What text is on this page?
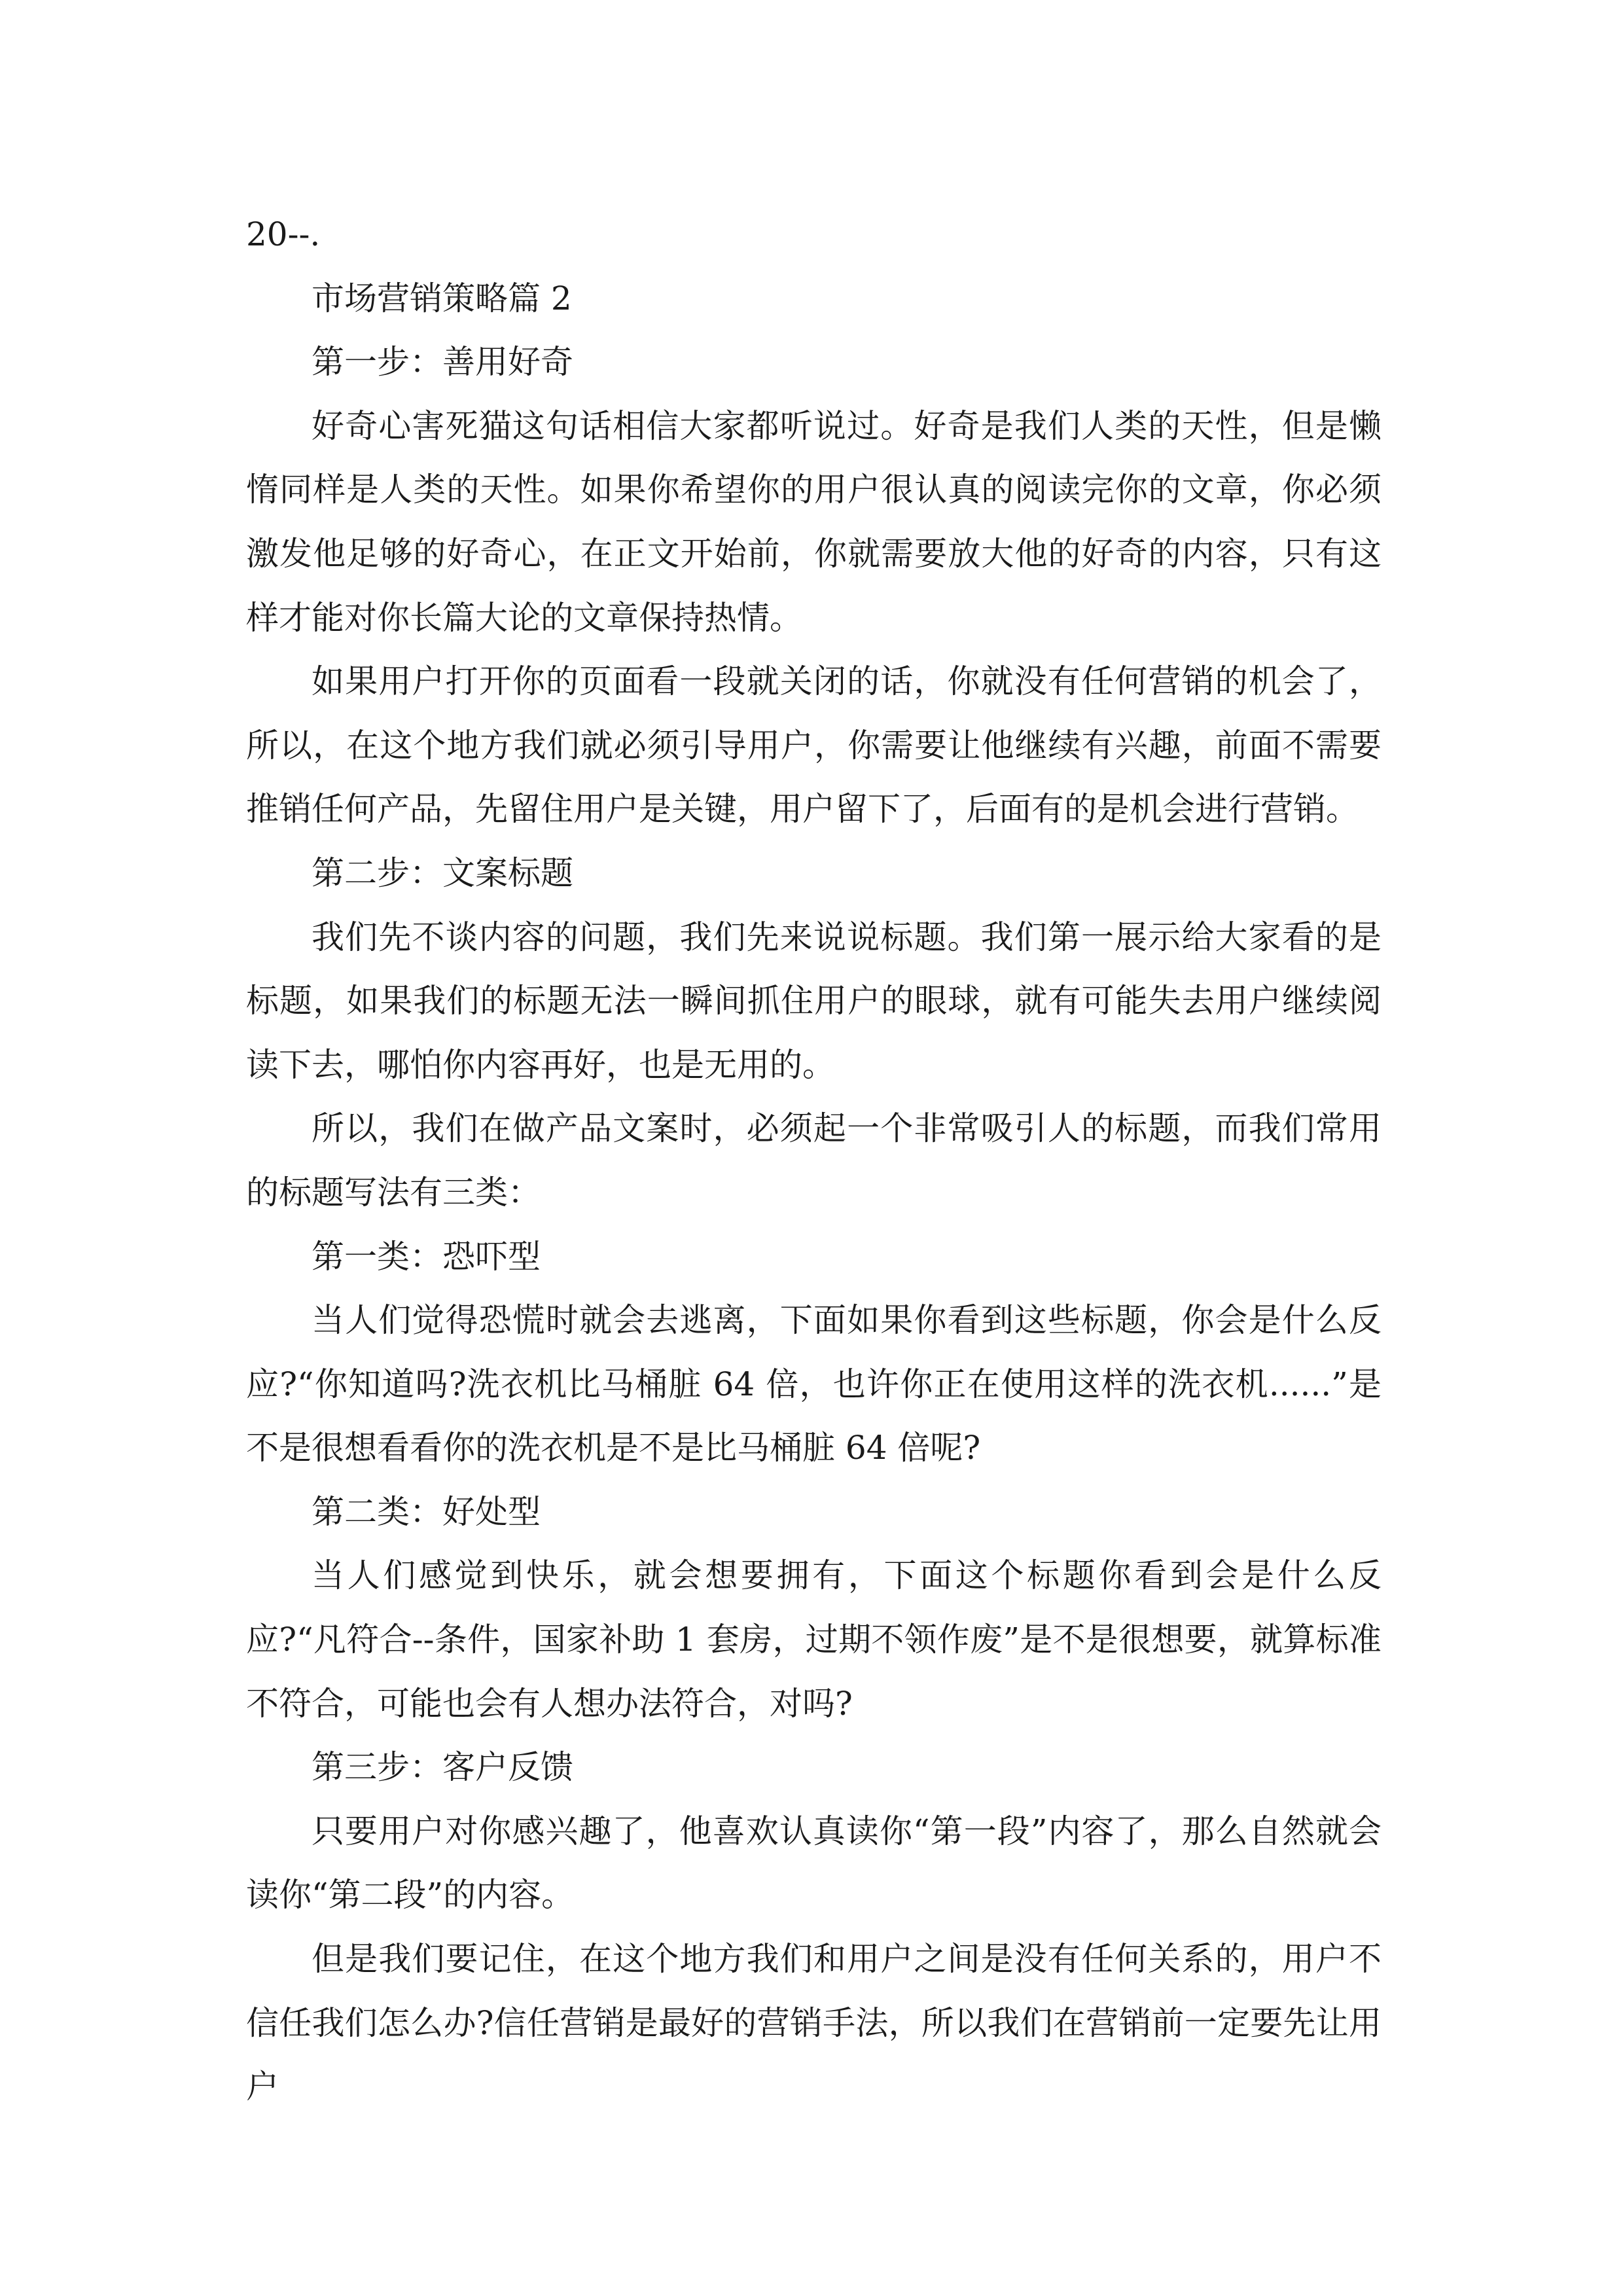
20--.

市场营销策略篇 2

第一步：善用好奇

好奇心害死猫这句话相信大家都听说过。好奇是我们人类的天性，但是懒惰同样是人类的天性。如果你希望你的用户很认真的阅读完你的文章，你必须激发他足够的好奇心，在正文开始前，你就需要放大他的好奇的内容，只有这样才能对你长篇大论的文章保持热情。

如果用户打开你的页面看一段就关闭的话，你就没有任何营销的机会了，所以，在这个地方我们就必须引导用户，你需要让他继续有兴趣，前面不需要推销任何产品，先留住用户是关键，用户留下了，后面有的是机会进行营销。

第二步：文案标题

我们先不谈内容的问题，我们先来说说标题。我们第一展示给大家看的是标题，如果我们的标题无法一瞬间抓住用户的眼球，就有可能失去用户继续阅读下去，哪怕你内容再好，也是无用的。

所以，我们在做产品文案时，必须起一个非常吸引人的标题，而我们常用的标题写法有三类：

第一类：恐吓型

当人们觉得恐慌时就会去逃离，下面如果你看到这些标题，你会是什么反应?“你知道吗?洗衣机比马桶脏 64 倍，也许你正在使用这样的洗衣机......”是不是很想看看你的洗衣机是不是比马桶脏 64 倍呢?

第二类：好处型

当人们感觉到快乐，就会想要拥有，下面这个标题你看到会是什么反应?“凡符合--条件，国家补助 1 套房，过期不领作废”是不是很想要，就算标准不符合，可能也会有人想办法符合，对吗?

第三步：客户反馈

只要用户对你感兴趣了，他喜欢认真读你“第一段”内容了，那么自然就会读你“第二段”的内容。

但是我们要记住，在这个地方我们和用户之间是没有任何关系的，用户不信任我们怎么办?信任营销是最好的营销手法，所以我们在营销前一定要先让用户
